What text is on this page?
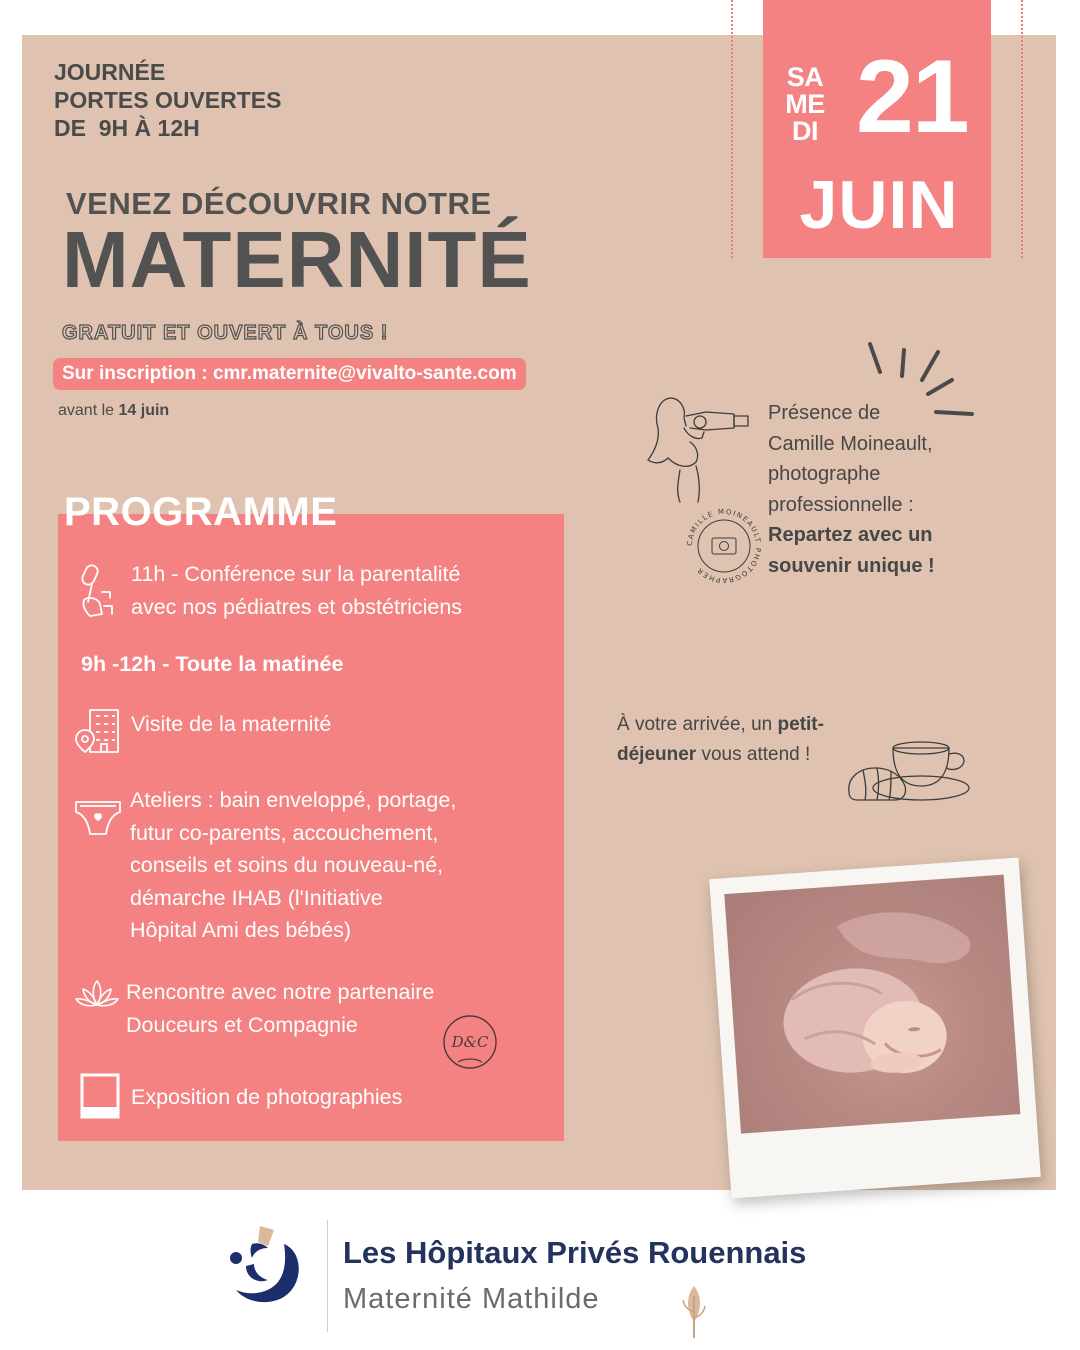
SA
ME
DI 21
JUIN
JOURNÉE
PORTES OUVERTES
DE  9H À 12H
VENEZ DÉCOUVRIR NOTRE
MATERNITÉ
GRATUIT ET OUVERT À TOUS !
Sur inscription : cmr.maternite@vivalto-sante.com
avant le 14 juin
PROGRAMME
11h - Conférence sur la parentalité
avec nos pédiatres et obstétriciens
9h -12h - Toute la matinée
Visite de la maternité
Ateliers : bain enveloppé, portage,
futur co-parents, accouchement,
conseils et soins du nouveau-né,
démarche IHAB (l'Initiative
Hôpital Ami des bébés)
Rencontre avec notre partenaire
Douceurs et Compagnie
D&C
Exposition de photographies
CAMILLE MOINEAULT PHOTOGRAPHER
Présence de
Camille Moineault,
photographe
professionnelle :
Repartez avec un
souvenir unique !
À votre arrivée, un petit-
déjeuner vous attend !
Les Hôpitaux Privés Rouennais
Maternité Mathilde
